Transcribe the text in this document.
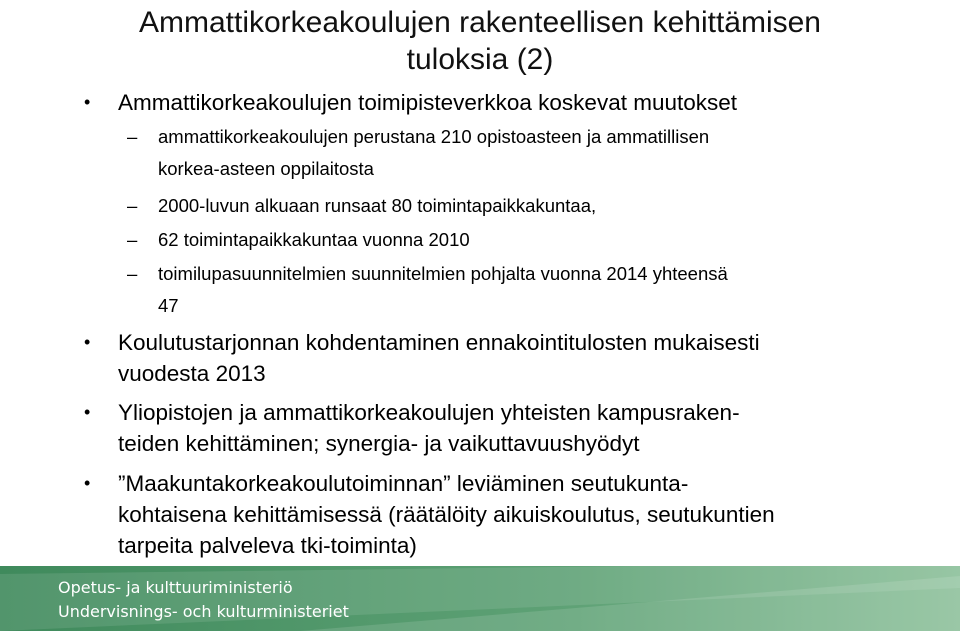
Ammattikorkeakoulujen rakenteellisen kehittämisen
tuloksia (2)
• Ammattikorkeakoulujen toimipisteverkkoa koskevat muutokset
– ammattikorkeakoulujen perustana 210 opistoasteen ja ammatillisen
korkea-asteen oppilaitosta
– 2000-luvun alkuaan runsaat 80 toimintapaikkakuntaa,
– 62 toimintapaikkakuntaa vuonna 2010
– toimilupasuunnitelmien suunnitelmien pohjalta vuonna 2014 yhteensä
47
• Koulutustarjonnan kohdentaminen ennakointitulosten mukaisesti
vuodesta 2013
• Yliopistojen ja ammattikorkeakoulujen yhteisten kampusraken-
teiden kehittäminen; synergia- ja vaikuttavuushyödyt
• ”Maakuntakorkeakoulutoiminnan” leviäminen seutukunta-
kohtaisena kehittämisessä (räätälöity aikuiskoulutus, seutukuntien
tarpeita palveleva tki-toiminta)
Opetus- ja kulttuuriministeriö
Undervisnings- och kulturministeriet
